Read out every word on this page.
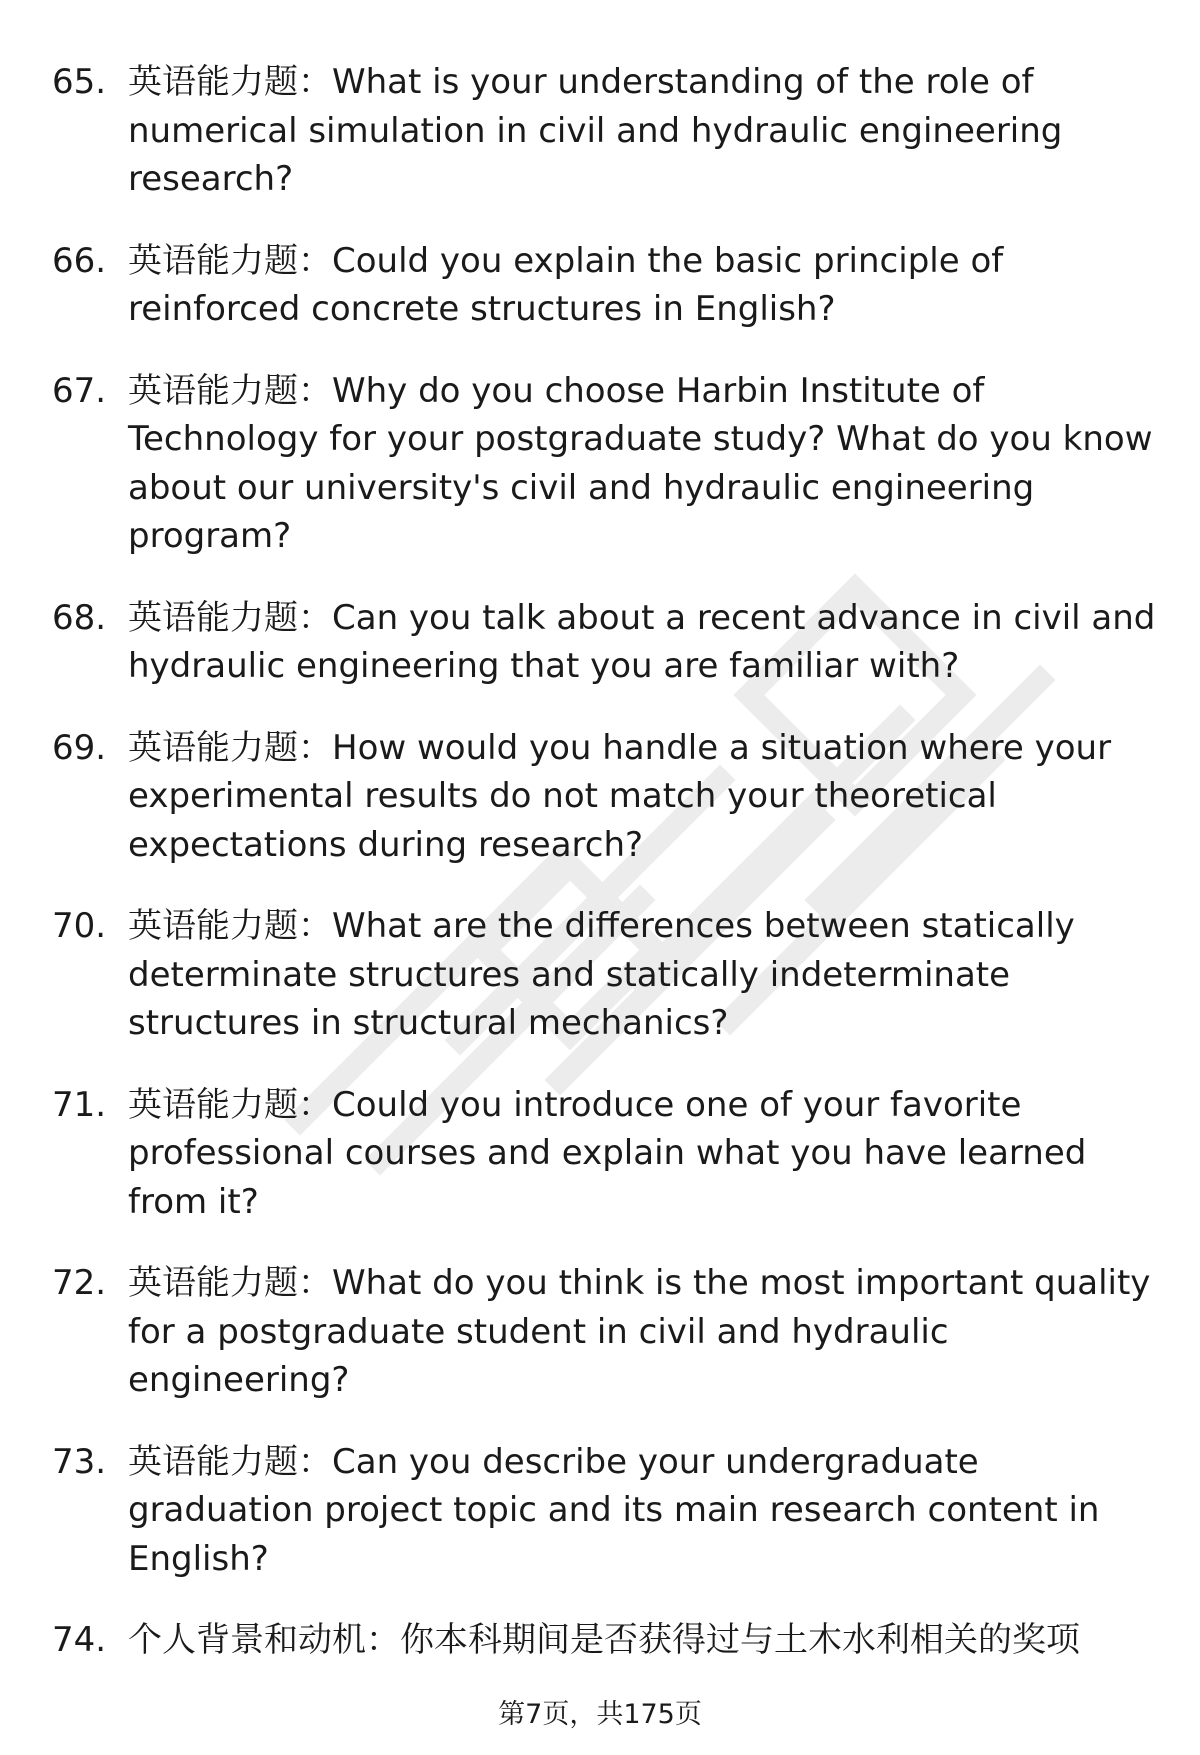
65. 英语能力题：What is your understanding of the role of numerical simulation in civil and hydraulic engineering research?
66. 英语能力题：Could you explain the basic principle of reinforced concrete structures in English?
67. 英语能力题：Why do you choose Harbin Institute of Technology for your postgraduate study? What do you know about our university's civil and hydraulic engineering program?
68. 英语能力题：Can you talk about a recent advance in civil and hydraulic engineering that you are familiar with?
69. 英语能力题：How would you handle a situation where your experimental results do not match your theoretical expectations during research?
70. 英语能力题：What are the differences between statically determinate structures and statically indeterminate structures in structural mechanics?
71. 英语能力题：Could you introduce one of your favorite professional courses and explain what you have learned from it?
72. 英语能力题：What do you think is the most important quality for a postgraduate student in civil and hydraulic engineering?
73. 英语能力题：Can you describe your undergraduate graduation project topic and its main research content in English?
74. 个人背景和动机：你本科期间是否获得过与土木水利相关的奖项
第7页，共175页
